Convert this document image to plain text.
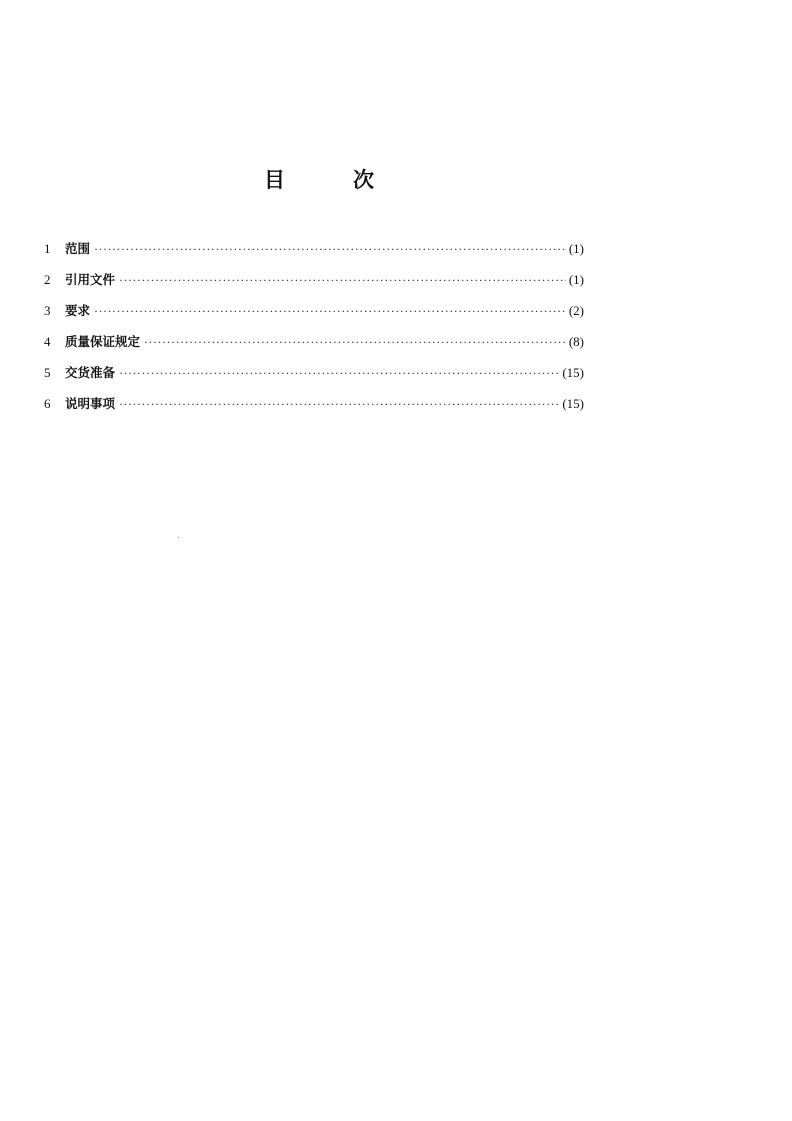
目	次
1	范围 ·····	(1)
2	引用文件 ·····	(1)
3	要求 ·····	(2)
4	质量保证规定 ·····	(8)
5	交货准备 ·····	(15)
6	说明事项 ·····	(15)
